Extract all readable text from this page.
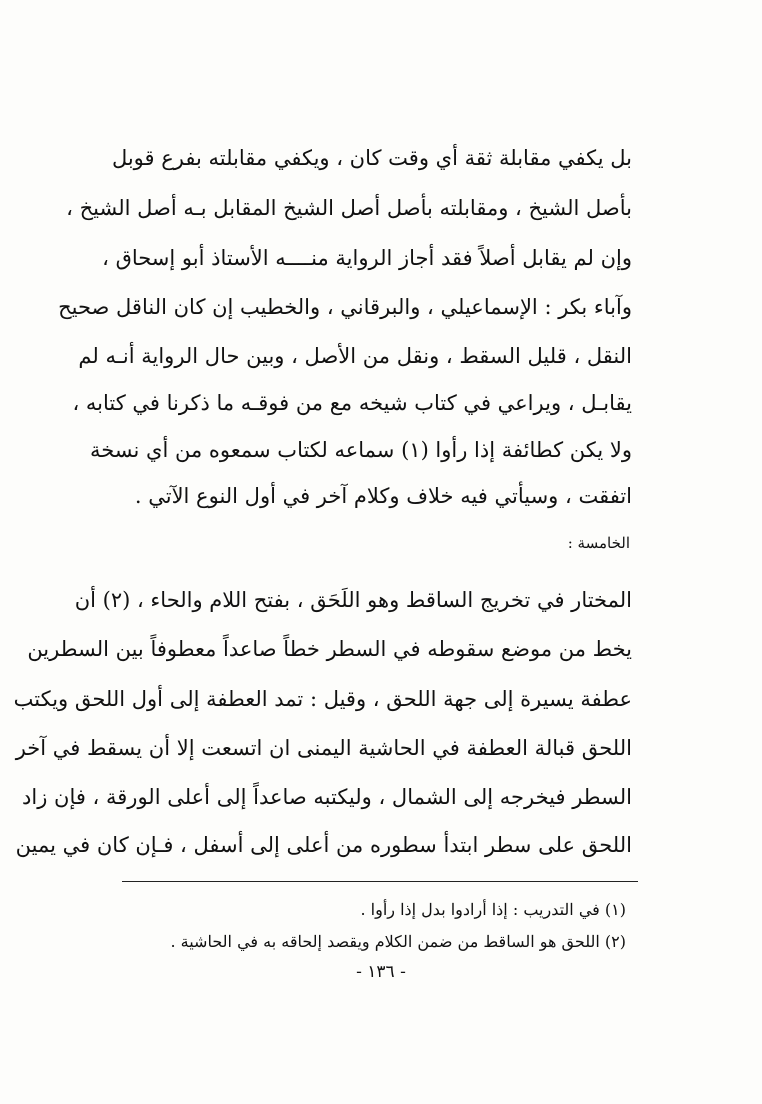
بل يكفي مقابلة ثقة أي وقت كان ، ويكفي مقابلته بفرع قوبل
بأصل الشيخ ، ومقابلته بأصل أصل الشيخ المقابل بـه أصل الشيخ ،
وإن لم يقابل أصلاً فقد أجاز الرواية منــــه الأستاذ أبو إسحاق ،
وآباء بكر : الإسماعيلي ، والبرقاني ، والخطيب إن كان الناقل صحيح
النقل ، قليل السقط ، ونقل من الأصل ، وبين حال الرواية أنـه لم
يقابـل ، ويراعي في كتاب شيخه مع من فوقـه ما ذكرنا في كتابه ،
ولا يكن كطائفة إذا رأوا (١) سماعه لكتاب سمعوه من أي نسخة
اتفقت ، وسيأتي فيه خلاف وكلام آخر في أول النوع الآتي .
الخامسة :
المختار في تخريج الساقط وهو اللَحَق ، بفتح اللام والحاء ، (٢) أن
يخط من موضع سقوطه في السطر خطاً صاعداً معطوفاً بين السطرين
عطفة يسيرة إلى جهة اللحق ، وقيل : تمد العطفة إلى أول اللحق ويكتب
اللحق قبالة العطفة في الحاشية اليمنى ان اتسعت إلا أن يسقط في آخر
السطر فيخرجه إلى الشمال ، وليكتبه صاعداً إلى أعلى الورقة ، فإن زاد
اللحق على سطر ابتدأ سطوره من أعلى إلى أسفل ، فـإن كان في يمين
(١) في التدريب : إذا أرادوا بدل إذا رأوا .
(٢) اللحق هو الساقط من ضمن الكلام ويقصد إلحاقه به في الحاشية .
- ١٣٦ -
